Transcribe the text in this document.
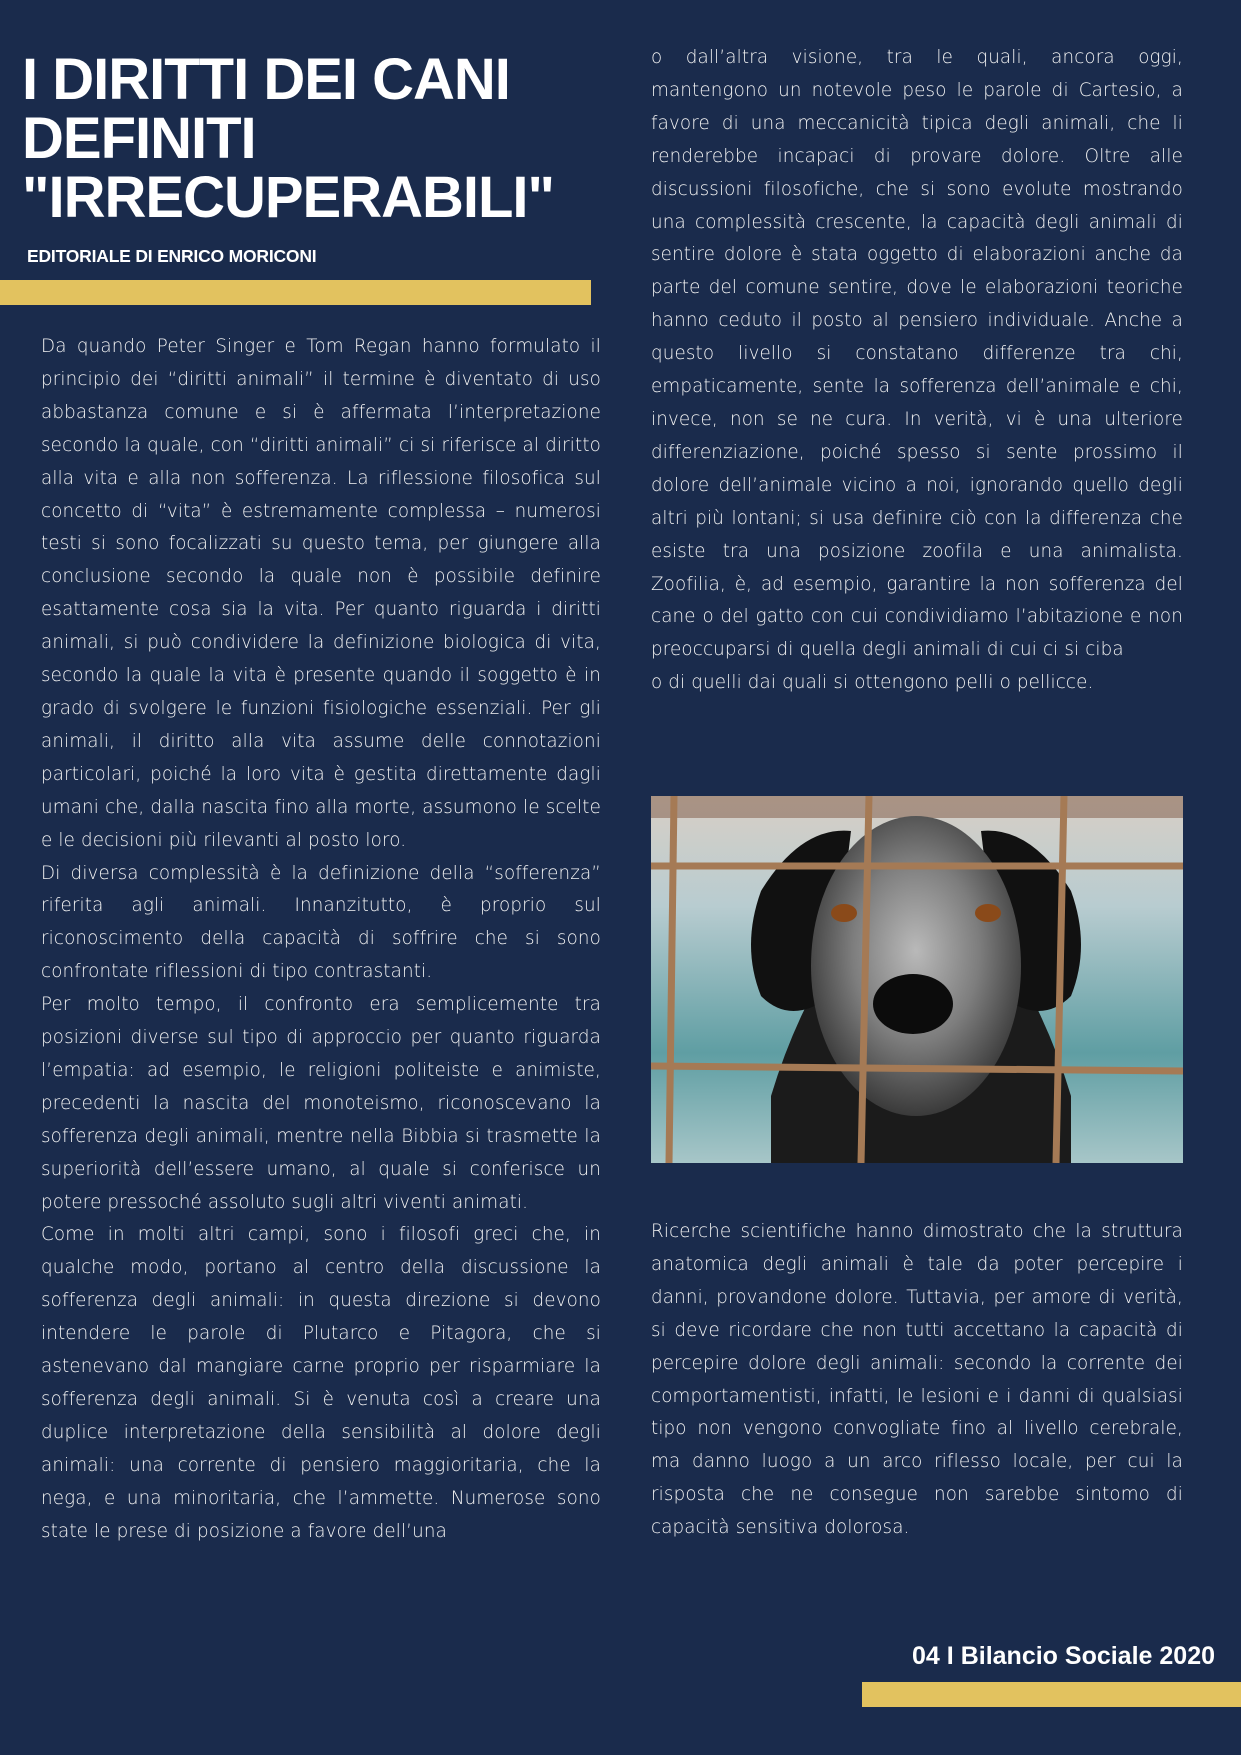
I DIRITTI DEI CANI
DEFINITI
"IRRECUPERABILI"
EDITORIALE DI ENRICO MORICONI

Da quando Peter Singer e Tom Regan hanno formulato il principio dei “diritti animali” il termine è diventato di uso abbastanza comune e si è affermata l’interpretazione secondo la quale, con “diritti animali” ci si riferisce al diritto alla vita e alla non sofferenza. La riflessione filosofica sul concetto di “vita” è estremamente complessa – numerosi testi si sono focalizzati su questo tema, per giungere alla conclusione secondo la quale non è possibile definire esattamente cosa sia la vita. Per quanto riguarda i diritti animali, si può condividere la definizione biologica di vita, secondo la quale la vita è presente quando il soggetto è in grado di svolgere le funzioni fisiologiche essenziali. Per gli animali, il diritto alla vita assume delle connotazioni particolari, poiché la loro vita è gestita direttamente dagli umani che, dalla nascita fino alla morte, assumono le scelte e le decisioni più rilevanti al posto loro.

Di diversa complessità è la definizione della “sofferenza” riferita agli animali. Innanzitutto, è proprio sul riconoscimento della capacità di soffrire che si sono confrontate riflessioni di tipo contrastanti.

Per molto tempo, il confronto era semplicemente tra posizioni diverse sul tipo di approccio per quanto riguarda l’empatia: ad esempio, le religioni politeiste e animiste, precedenti la nascita del monoteismo, riconoscevano la sofferenza degli animali, mentre nella Bibbia si trasmette la superiorità dell’essere umano, al quale si conferisce un potere pressoché assoluto sugli altri viventi animati.

Come in molti altri campi, sono i filosofi greci che, in qualche modo, portano al centro della discussione la sofferenza degli animali: in questa direzione si devono intendere le parole di Plutarco e Pitagora, che si astenevano dal mangiare carne proprio per risparmiare la sofferenza degli animali. Si è venuta così a creare una duplice interpretazione della sensibilità al dolore degli animali: una corrente di pensiero maggioritaria, che la nega, e una minoritaria, che l’ammette. Numerose sono state le prese di posizione a favore dell’una

o dall’altra visione, tra le quali, ancora oggi, mantengono un notevole peso le parole di Cartesio, a favore di una meccanicità tipica degli animali, che li renderebbe incapaci di provare dolore. Oltre alle discussioni filosofiche, che si sono evolute mostrando una complessità crescente, la capacità degli animali di sentire dolore è stata oggetto di elaborazioni anche da parte del comune sentire, dove le elaborazioni teoriche hanno ceduto il posto al pensiero individuale. Anche a questo livello si constatano differenze tra chi, empaticamente, sente la sofferenza dell’animale e chi, invece, non se ne cura. In verità, vi è una ulteriore differenziazione, poiché spesso si sente prossimo il dolore dell’animale vicino a noi, ignorando quello degli altri più lontani; si usa definire ciò con la differenza che esiste tra una posizione zoofila e una animalista. Zoofilia, è, ad esempio, garantire la non sofferenza del cane o del gatto con cui condividiamo l’abitazione e non preoccuparsi di quella degli animali di cui ci si ciba

o di quelli dai quali si ottengono pelli o pellicce.

Ricerche scientifiche hanno dimostrato che la struttura anatomica degli animali è tale da poter percepire i danni, provandone dolore. Tuttavia, per amore di verità, si deve ricordare che non tutti accettano la capacità di percepire dolore degli animali: secondo la corrente dei comportamentisti, infatti, le lesioni e i danni di qualsiasi tipo non vengono convogliate fino al livello cerebrale, ma danno luogo a un arco riflesso locale, per cui la risposta che ne consegue non sarebbe sintomo di capacità sensitiva dolorosa.

04 I Bilancio Sociale 2020
